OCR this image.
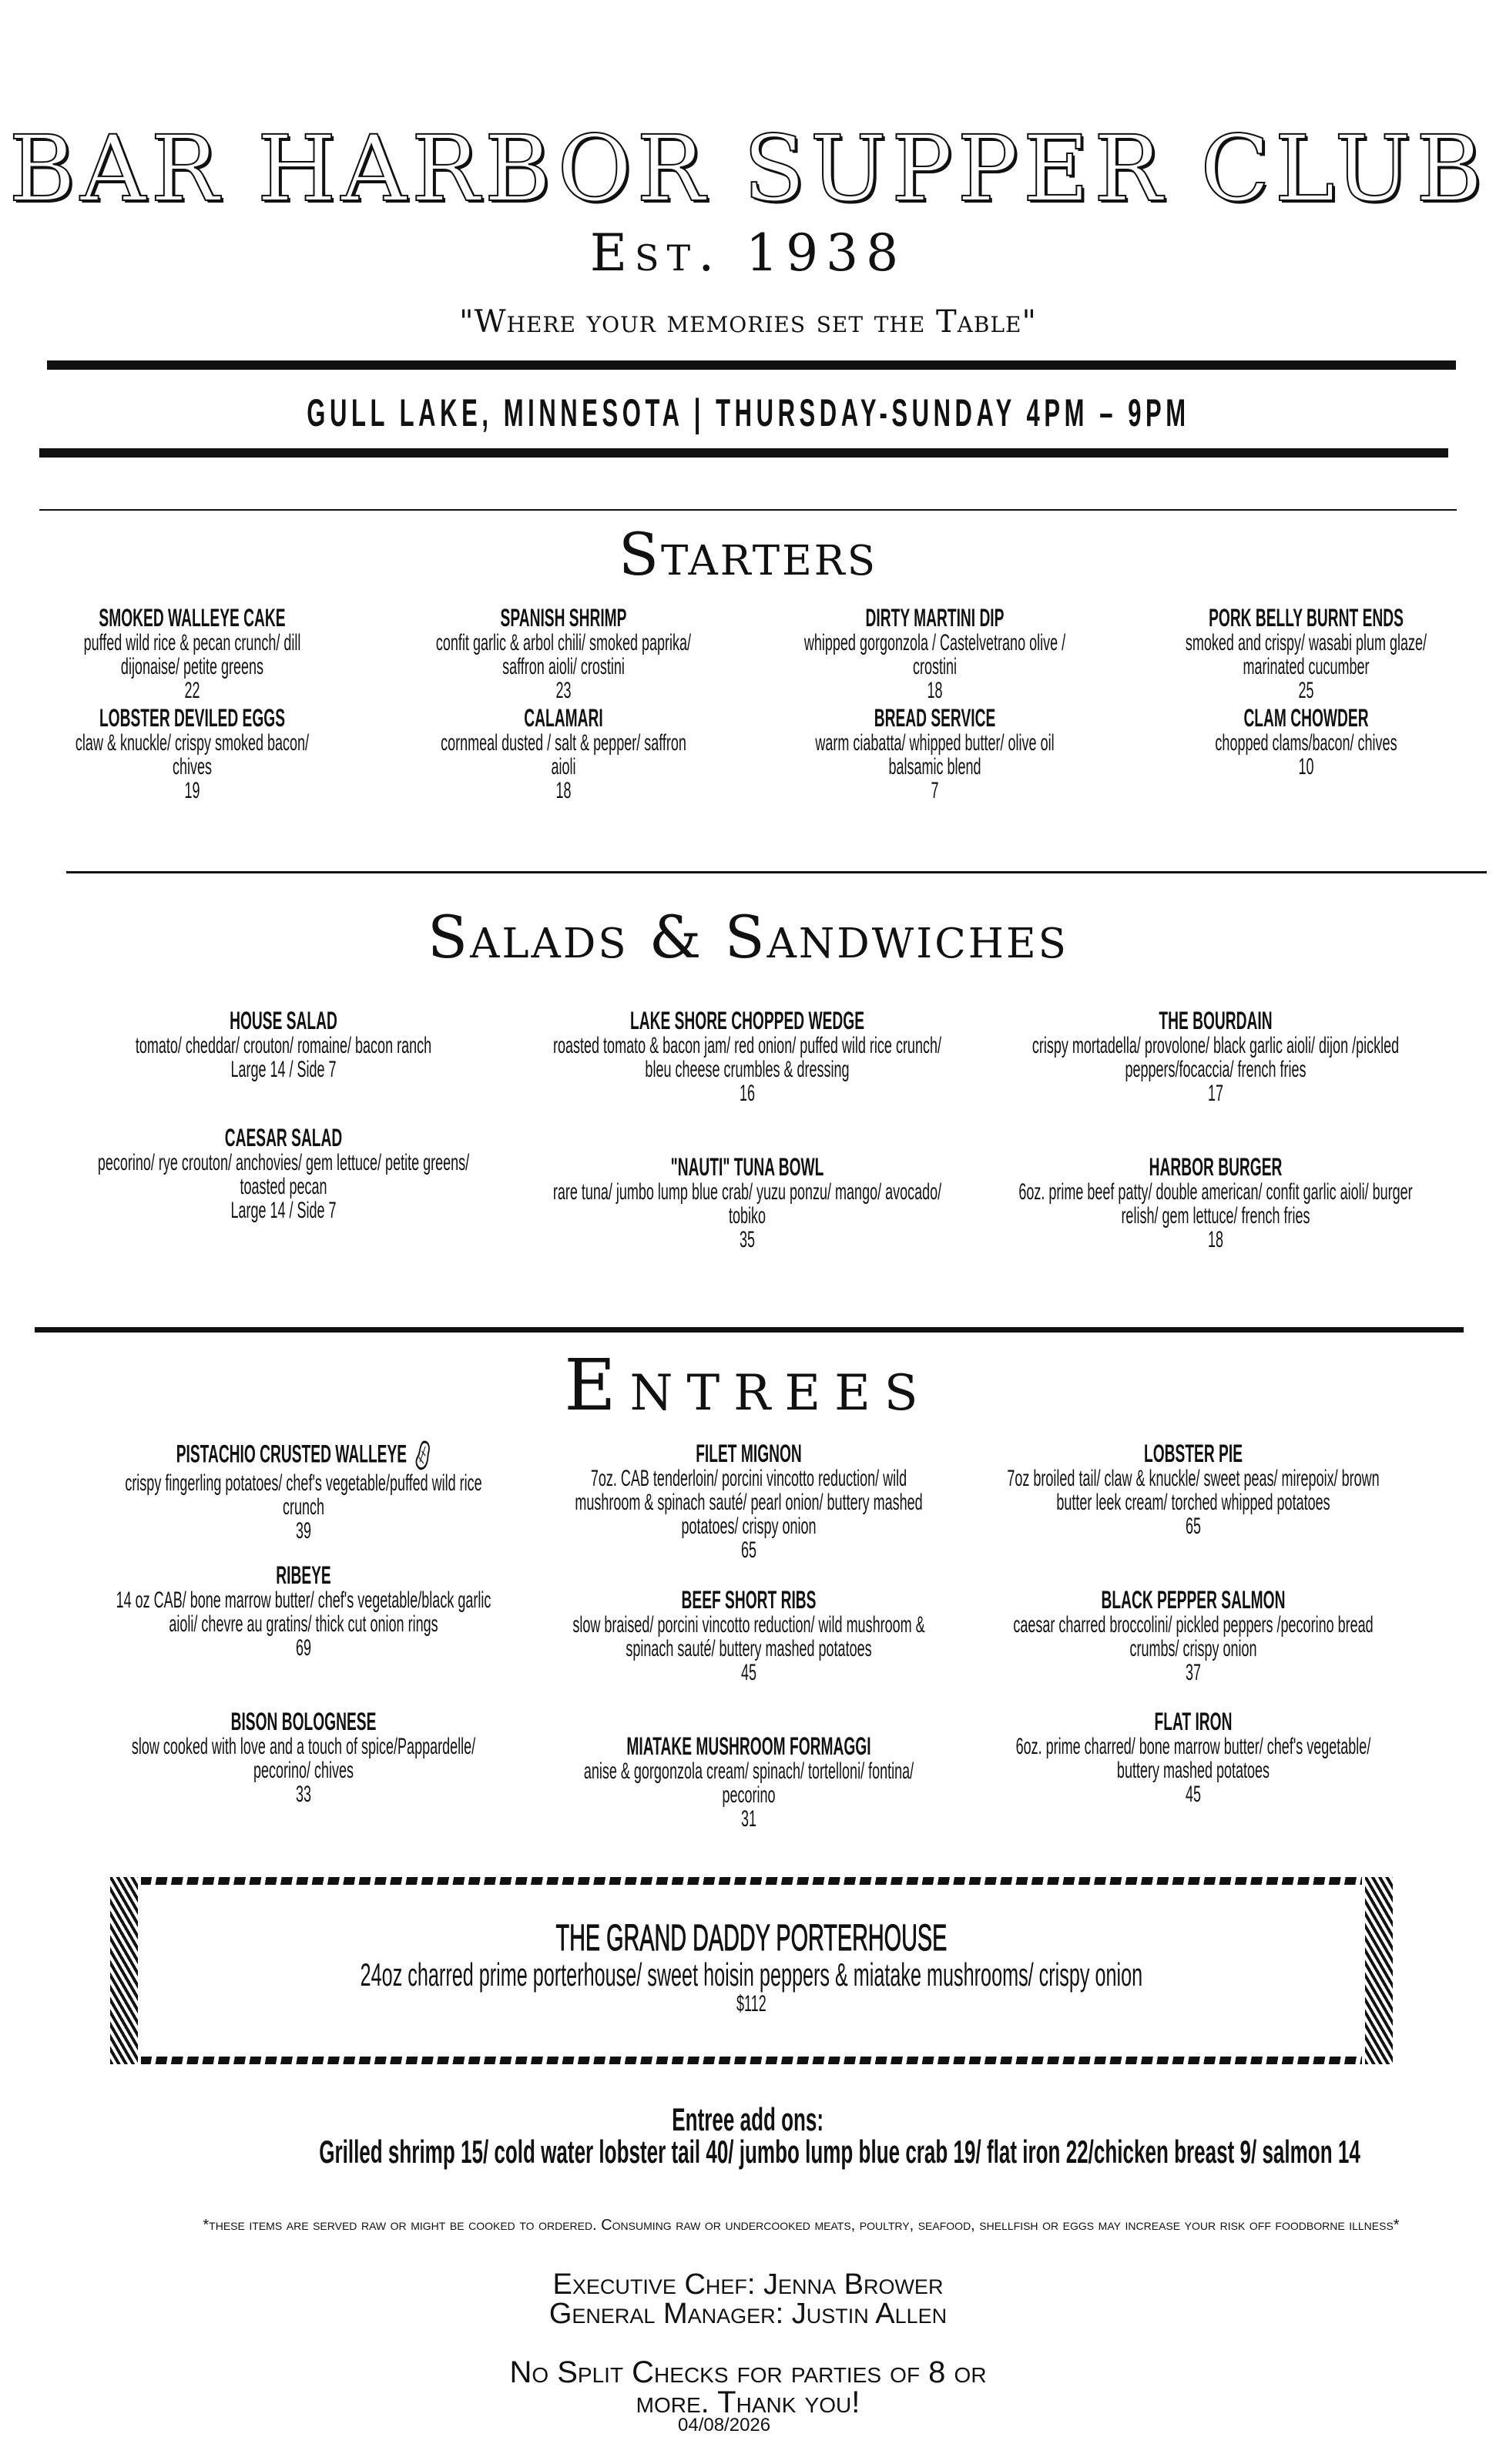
BAR HARBOR SUPPER CLUB
Est. 1938
"Where your memories set the Table"
GULL LAKE, MINNESOTA | THURSDAY-SUNDAY 4PM – 9PM
Starters
SMOKED WALLEYE CAKE
puffed wild rice & pecan crunch/ dill dijonaise/ petite greens
22
LOBSTER DEVILED EGGS
claw & knuckle/ crispy smoked bacon/ chives
19
SPANISH SHRIMP
confit garlic & arbol chili/ smoked paprika/ saffron aioli/ crostini
23
CALAMARI
cornmeal dusted / salt & pepper/ saffron aioli
18
DIRTY MARTINI DIP
whipped gorgonzola / Castelvetrano olive / crostini
18
BREAD SERVICE
warm ciabatta/ whipped butter/ olive oil balsamic blend
7
PORK BELLY BURNT ENDS
smoked and crispy/ wasabi plum glaze/ marinated cucumber
25
CLAM CHOWDER
chopped clams/bacon/ chives
10
Salads & Sandwiches
HOUSE SALAD
tomato/ cheddar/ crouton/ romaine/ bacon ranch
Large 14 / Side 7
CAESAR SALAD
pecorino/ rye crouton/ anchovies/ gem lettuce/ petite greens/ toasted pecan
Large 14 / Side 7
LAKE SHORE CHOPPED WEDGE
roasted tomato & bacon jam/ red onion/ puffed wild rice crunch/ bleu cheese crumbles & dressing
16
"NAUTI" TUNA BOWL
rare tuna/ jumbo lump blue crab/ yuzu ponzu/ mango/ avocado/ tobiko
35
THE BOURDAIN
crispy mortadella/ provolone/ black garlic aioli/ dijon /pickled peppers/focaccia/ french fries
17
HARBOR BURGER
6oz. prime beef patty/ double american/ confit garlic aioli/ burger relish/ gem lettuce/ french fries
18
Entrees
PISTACHIO CRUSTED WALLEYE
crispy fingerling potatoes/ chef's vegetable/puffed wild rice crunch
39
RIBEYE
14 oz CAB/ bone marrow butter/ chef's vegetable/black garlic aioli/ chevre au gratins/ thick cut onion rings
69
BISON BOLOGNESE
slow cooked with love and a touch of spice/Pappardelle/ pecorino/ chives
33
FILET MIGNON
7oz. CAB tenderloin/ porcini vincotto reduction/ wild mushroom & spinach sauté/ pearl onion/ buttery mashed potatoes/ crispy onion
65
BEEF SHORT RIBS
slow braised/ porcini vincotto reduction/ wild mushroom & spinach sauté/ buttery mashed potatoes
45
MIATAKE MUSHROOM FORMAGGI
anise & gorgonzola cream/ spinach/ tortelloni/ fontina/ pecorino
31
LOBSTER PIE
7oz broiled tail/ claw & knuckle/ sweet peas/ mirepoix/ brown butter leek cream/ torched whipped potatoes
65
BLACK PEPPER SALMON
caesar charred broccolini/ pickled peppers /pecorino bread crumbs/ crispy onion
37
FLAT IRON
6oz. prime charred/ bone marrow butter/ chef's vegetable/ buttery mashed potatoes
45
THE GRAND DADDY PORTERHOUSE
24oz charred prime porterhouse/ sweet hoisin peppers & miatake mushrooms/ crispy onion
$112
Entree add ons:
Grilled shrimp 15/ cold water lobster tail 40/ jumbo lump blue crab 19/ flat iron 22/chicken breast 9/ salmon 14
*these items are served raw or might be cooked to ordered. Consuming raw or undercooked meats, poultry, seafood, shellfish or eggs may increase your risk off foodborne illness*
Executive Chef: Jenna Brower
General Manager: Justin Allen
No Split Checks for parties of 8 or
more. Thank you!
04/08/2026
